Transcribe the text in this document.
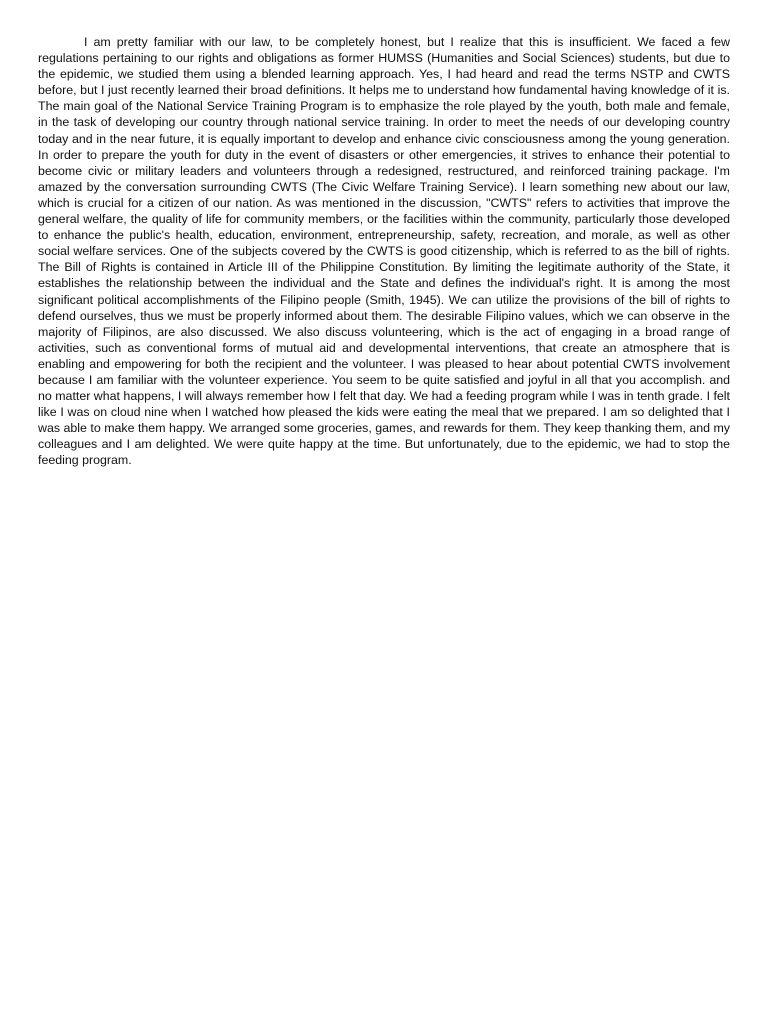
I am pretty familiar with our law, to be completely honest, but I realize that this is insufficient. We faced a few regulations pertaining to our rights and obligations as former HUMSS (Humanities and Social Sciences) students, but due to the epidemic, we studied them using a blended learning approach. Yes, I had heard and read the terms NSTP and CWTS before, but I just recently learned their broad definitions. It helps me to understand how fundamental having knowledge of it is. The main goal of the National Service Training Program is to emphasize the role played by the youth, both male and female, in the task of developing our country through national service training. In order to meet the needs of our developing country today and in the near future, it is equally important to develop and enhance civic consciousness among the young generation. In order to prepare the youth for duty in the event of disasters or other emergencies, it strives to enhance their potential to become civic or military leaders and volunteers through a redesigned, restructured, and reinforced training package. I'm amazed by the conversation surrounding CWTS (The Civic Welfare Training Service). I learn something new about our law, which is crucial for a citizen of our nation. As was mentioned in the discussion, "CWTS" refers to activities that improve the general welfare, the quality of life for community members, or the facilities within the community, particularly those developed to enhance the public's health, education, environment, entrepreneurship, safety, recreation, and morale, as well as other social welfare services. One of the subjects covered by the CWTS is good citizenship, which is referred to as the bill of rights. The Bill of Rights is contained in Article III of the Philippine Constitution. By limiting the legitimate authority of the State, it establishes the relationship between the individual and the State and defines the individual's right. It is among the most significant political accomplishments of the Filipino people (Smith, 1945). We can utilize the provisions of the bill of rights to defend ourselves, thus we must be properly informed about them. The desirable Filipino values, which we can observe in the majority of Filipinos, are also discussed. We also discuss volunteering, which is the act of engaging in a broad range of activities, such as conventional forms of mutual aid and developmental interventions, that create an atmosphere that is enabling and empowering for both the recipient and the volunteer. I was pleased to hear about potential CWTS involvement because I am familiar with the volunteer experience. You seem to be quite satisfied and joyful in all that you accomplish. and no matter what happens, I will always remember how I felt that day. We had a feeding program while I was in tenth grade. I felt like I was on cloud nine when I watched how pleased the kids were eating the meal that we prepared. I am so delighted that I was able to make them happy. We arranged some groceries, games, and rewards for them. They keep thanking them, and my colleagues and I am delighted. We were quite happy at the time. But unfortunately, due to the epidemic, we had to stop the feeding program.
